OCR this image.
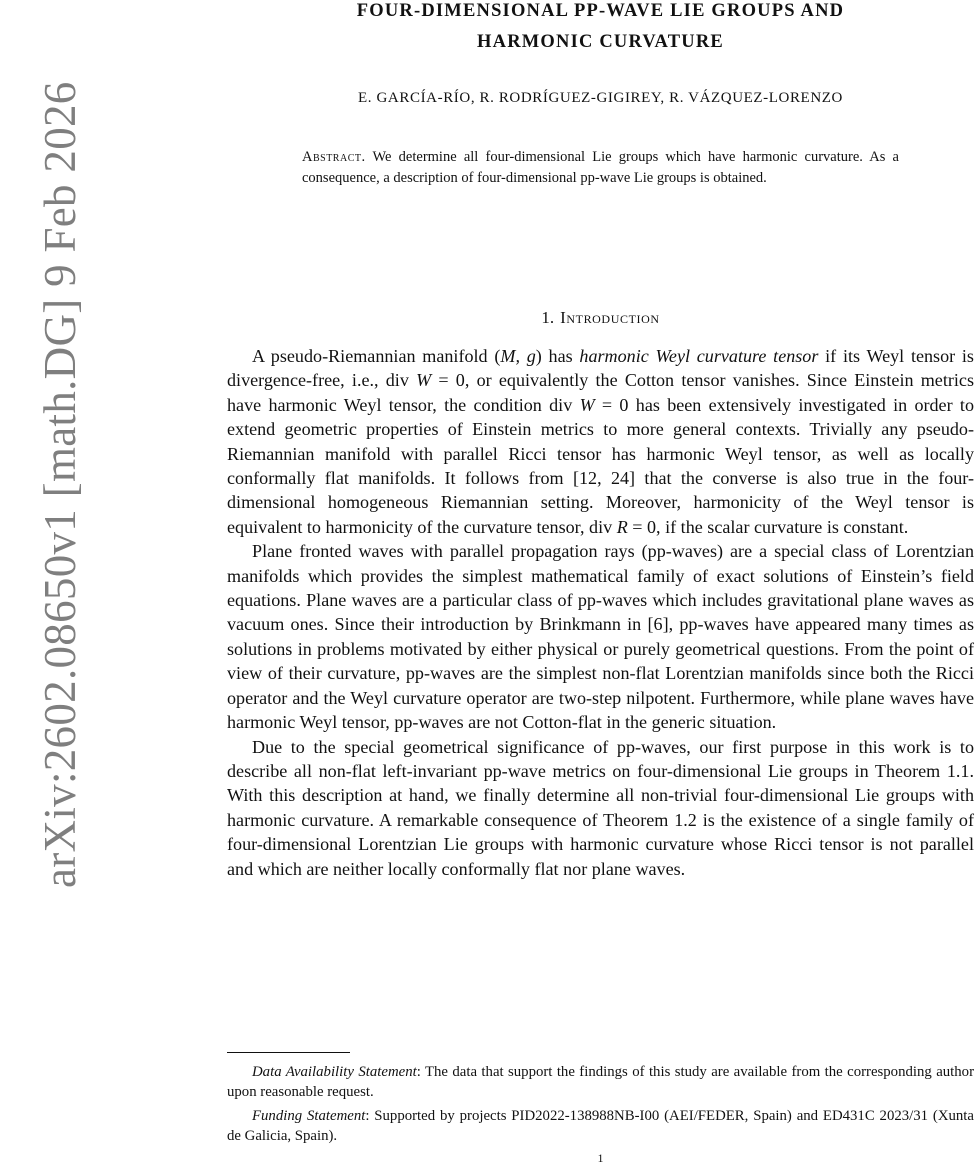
arXiv:2602.08650v1 [math.DG] 9 Feb 2026
FOUR-DIMENSIONAL PP-WAVE LIE GROUPS AND
HARMONIC CURVATURE
E. GARCÍA-RÍO, R. RODRÍGUEZ-GIGIREY, R. VÁZQUEZ-LORENZO
Abstract. We determine all four-dimensional Lie groups which have harmonic curvature. As a consequence, a description of four-dimensional pp-wave Lie groups is obtained.
1. Introduction

A pseudo-Riemannian manifold (M, g) has harmonic Weyl curvature tensor if its Weyl tensor is divergence-free, i.e., div W = 0, or equivalently the Cotton tensor vanishes. Since Einstein metrics have harmonic Weyl tensor, the condition div W = 0 has been extensively investigated in order to extend geometric properties of Einstein metrics to more general contexts. Trivially any pseudo-Riemannian manifold with parallel Ricci tensor has harmonic Weyl tensor, as well as locally conformally flat manifolds. It follows from [12, 24] that the converse is also true in the four-dimensional homogeneous Riemannian setting. Moreover, harmonicity of the Weyl tensor is equivalent to harmonicity of the curvature tensor, div R = 0, if the scalar curvature is constant.

Plane fronted waves with parallel propagation rays (pp-waves) are a special class of Lorentzian manifolds which provides the simplest mathematical family of exact solutions of Einstein’s field equations. Plane waves are a particular class of pp-waves which includes gravitational plane waves as vacuum ones. Since their introduction by Brinkmann in [6], pp-waves have appeared many times as solutions in problems motivated by either physical or purely geometrical questions. From the point of view of their curvature, pp-waves are the simplest non-flat Lorentzian manifolds since both the Ricci operator and the Weyl curvature operator are two-step nilpotent. Furthermore, while plane waves have harmonic Weyl tensor, pp-waves are not Cotton-flat in the generic situation.

Due to the special geometrical significance of pp-waves, our first purpose in this work is to describe all non-flat left-invariant pp-wave metrics on four-dimensional Lie groups in Theorem 1.1. With this description at hand, we finally determine all non-trivial four-dimensional Lie groups with harmonic curvature. A remarkable consequence of Theorem 1.2 is the existence of a single family of four-dimensional Lorentzian Lie groups with harmonic curvature whose Ricci tensor is not parallel and which are neither locally conformally flat nor plane waves.

Data Availability Statement: The data that support the findings of this study are available from the corresponding author upon reasonable request.

Funding Statement: Supported by projects PID2022-138988NB-I00 (AEI/FEDER, Spain) and ED431C 2023/31 (Xunta de Galicia, Spain).

1
